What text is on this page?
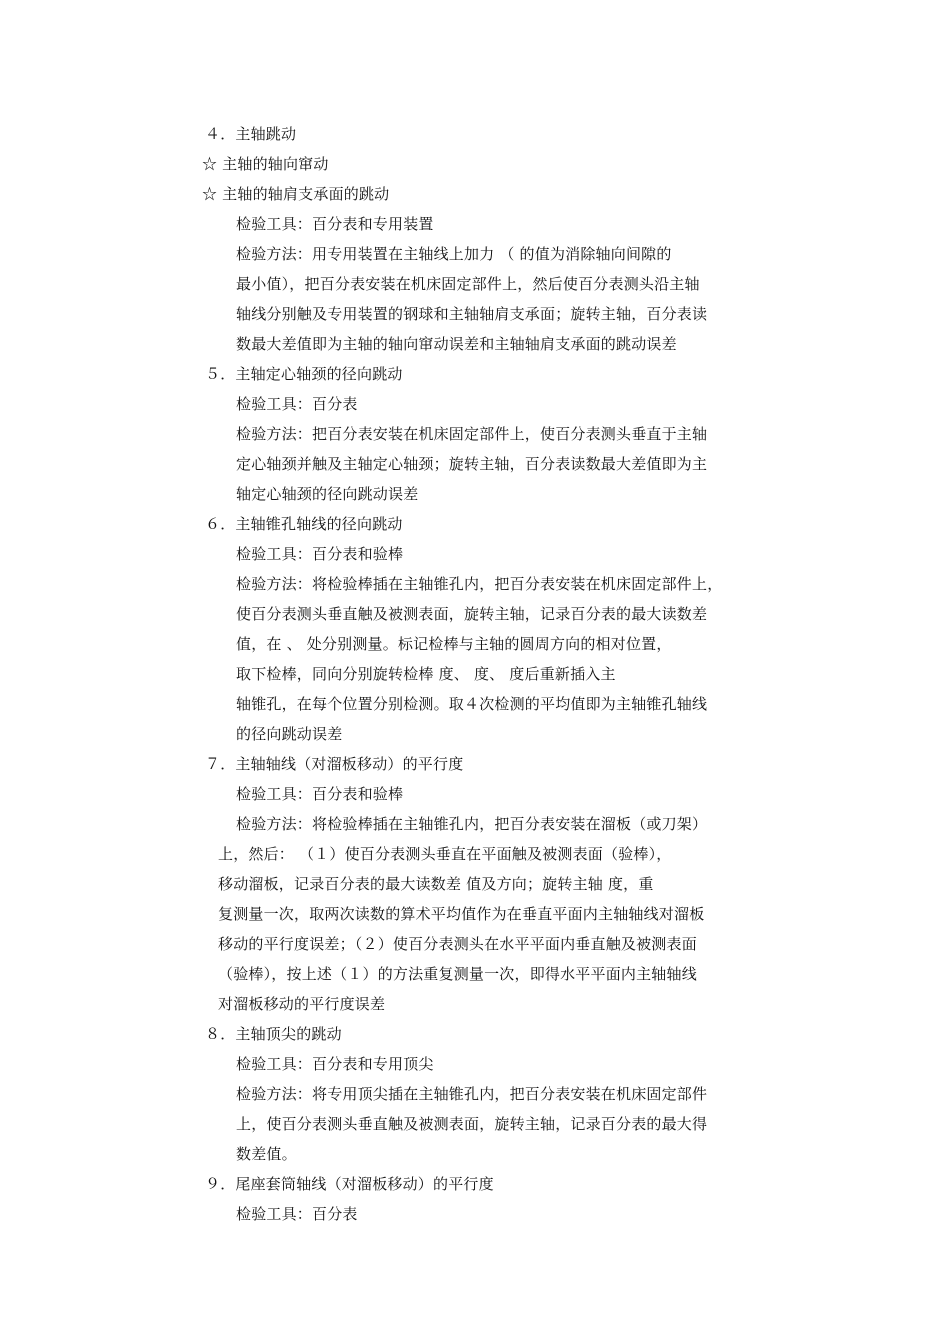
４．主轴跳动
☆ 主轴的轴向窜动
☆ 主轴的轴肩支承面的跳动
检验工具：百分表和专用装置
检验方法：用专用装置在主轴线上加力 （ 的值为消除轴向间隙的
最小值），把百分表安装在机床固定部件上，然后使百分表测头沿主轴
轴线分别触及专用装置的钢球和主轴轴肩支承面；旋转主轴，百分表读
数最大差值即为主轴的轴向窜动误差和主轴轴肩支承面的跳动误差
５．主轴定心轴颈的径向跳动
检验工具：百分表
检验方法：把百分表安装在机床固定部件上，使百分表测头垂直于主轴
定心轴颈并触及主轴定心轴颈；旋转主轴，百分表读数最大差值即为主
轴定心轴颈的径向跳动误差
６．主轴锥孔轴线的径向跳动
检验工具：百分表和验棒
检验方法：将检验棒插在主轴锥孔内，把百分表安装在机床固定部件上，
使百分表测头垂直触及被测表面，旋转主轴，记录百分表的最大读数差
值，在 、 处分别测量。标记检棒与主轴的圆周方向的相对位置，
取下检棒，同向分别旋转检棒 度、 度、 度后重新插入主
轴锥孔，在每个位置分别检测。取４次检测的平均值即为主轴锥孔轴线
的径向跳动误差
７．主轴轴线（对溜板移动）的平行度
检验工具：百分表和验棒
检验方法：将检验棒插在主轴锥孔内，把百分表安装在溜板（或刀架）
上，然后： （１）使百分表测头垂直在平面触及被测表面（验棒），
移动溜板，记录百分表的最大读数差 值及方向；旋转主轴 度，重
复测量一次，取两次读数的算术平均值作为在垂直平面内主轴轴线对溜板
移动的平行度误差；（２）使百分表测头在水平平面内垂直触及被测表面
（验棒），按上述（１）的方法重复测量一次，即得水平平面内主轴轴线
对溜板移动的平行度误差
８．主轴顶尖的跳动
检验工具：百分表和专用顶尖
检验方法：将专用顶尖插在主轴锥孔内，把百分表安装在机床固定部件
上，使百分表测头垂直触及被测表面，旋转主轴，记录百分表的最大得
数差值。
９．尾座套筒轴线（对溜板移动）的平行度
检验工具：百分表
